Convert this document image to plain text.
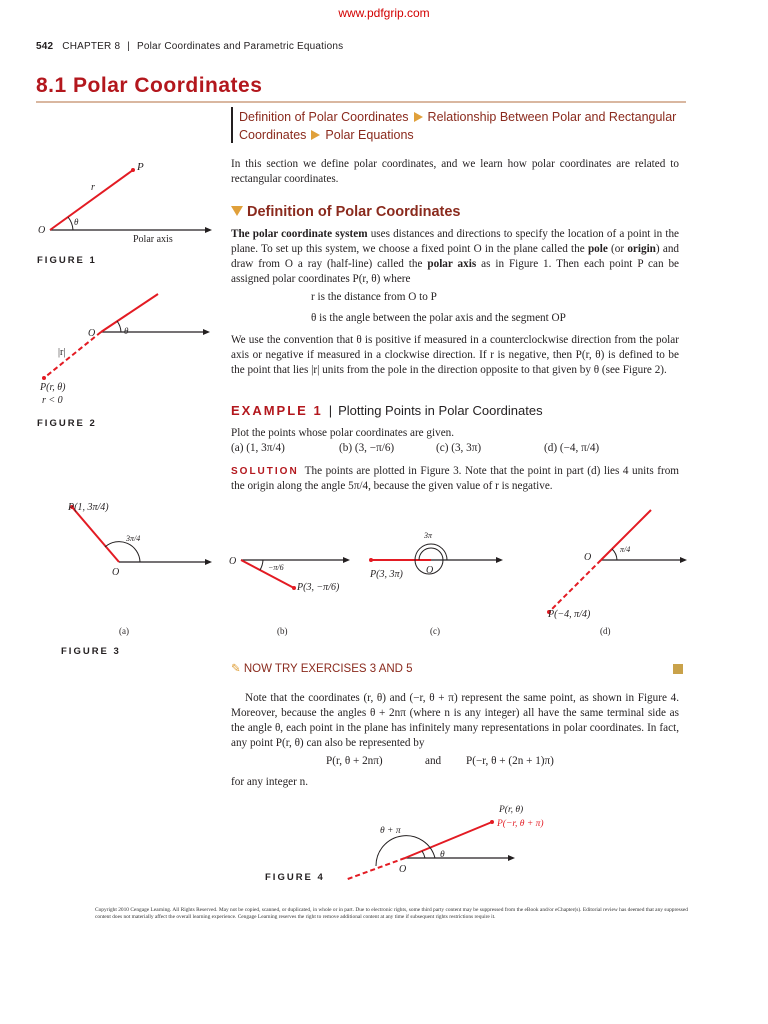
www.pdfgrip.com
542 CHAPTER 8 | Polar Coordinates and Parametric Equations
8.1 Polar Coordinates
Definition of Polar Coordinates Relationship Between Polar and Rectangular Coordinates Polar Equations
In this section we define polar coordinates, and we learn how polar coordinates are related to rectangular coordinates.
Definition of Polar Coordinates
The polar coordinate system uses distances and directions to specify the location of a point in the plane. To set up this system, we choose a fixed point O in the plane called the pole (or origin) and draw from O a ray (half-line) called the polar axis as in Figure 1. Then each point P can be assigned polar coordinates P(r, θ) where
r is the distance from O to P
θ is the angle between the polar axis and the segment OP
We use the convention that θ is positive if measured in a counterclockwise direction from the polar axis or negative if measured in a clockwise direction. If r is negative, then P(r, θ) is defined to be the point that lies |r| units from the pole in the direction opposite to that given by θ (see Figure 2).
EXAMPLE 1 | Plotting Points in Polar Coordinates
Plot the points whose polar coordinates are given.
(a) (1, 3π/4)	(b) (3, −π/6)	(c) (3, 3π)	(d) (−4, π/4)
SOLUTION The points are plotted in Figure 3. Note that the point in part (d) lies 4 units from the origin along the angle 5π/4, because the given value of r is negative.
✎ NOW TRY EXERCISES 3 AND 5
Note that the coordinates (r, θ) and (−r, θ + π) represent the same point, as shown in Figure 4. Moreover, because the angles θ + 2nπ (where n is any integer) all have the same terminal side as the angle θ, each point in the plane has infinitely many representations in polar coordinates. In fact, any point P(r, θ) can also be represented by
P(r, θ + 2nπ)	and P(−r, θ + (2n + 1)π)
for any integer n.
P
r
O
θ
Polar axis
FIGURE 1
O	θ
|r|
P(r, θ)
r < 0
FIGURE 2
P(1, 3π/4)
3π/4
O
(a)
O
−π/6
P(3, −π/6)
(b)
3π
O
P(3, 3π)
(c)
O
π/4
P(−4, π/4)
(d)
FIGURE 3
P(r, θ)
P(−r, θ + π)
θ + π
θ
O
FIGURE 4
Copyright 2010 Cengage Learning. All Rights Reserved. May not be copied, scanned, or duplicated, in whole or in part. Due to electronic rights, some third party content may be suppressed from the eBook and/or eChapter(s). Editorial review has deemed that any suppressed content does not materially affect the overall learning experience. Cengage Learning reserves the right to remove additional content at any time if subsequent rights restrictions require it.
